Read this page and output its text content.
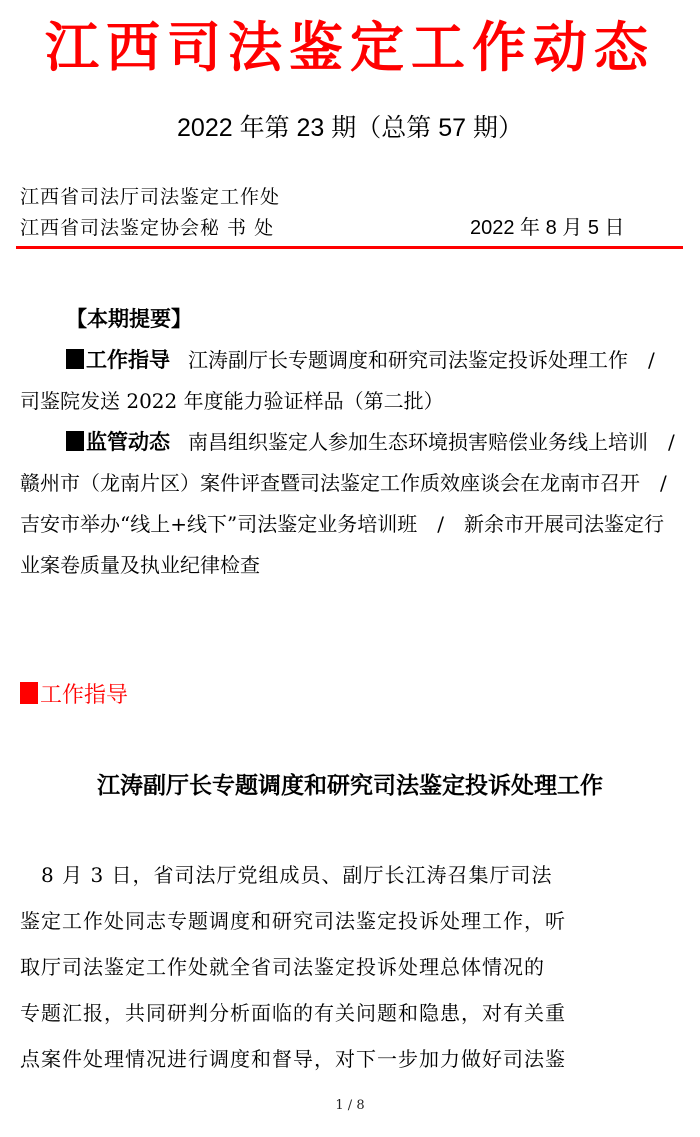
江西司法鉴定工作动态
2022 年第 23 期（总第 57 期）
江西省司法厅司法鉴定工作处
江西省司法鉴定协会秘 书 处	2022 年 8 月 5 日
【本期提要】
工作指导 江涛副厅长专题调度和研究司法鉴定投诉处理工作　/　司鉴院发送 2022 年度能力验证样品（第二批）
监管动态 南昌组织鉴定人参加生态环境损害赔偿业务线上培训　/　赣州市（龙南片区）案件评查暨司法鉴定工作质效座谈会在龙南市召开　/　吉安市举办“线上+线下”司法鉴定业务培训班　/　新余市开展司法鉴定行业案卷质量及执业纪律检查
工作指导
江涛副厅长专题调度和研究司法鉴定投诉处理工作
　8 月 3 日，省司法厅党组成员、副厅长江涛召集厅司法
鉴定工作处同志专题调度和研究司法鉴定投诉处理工作，听
取厅司法鉴定工作处就全省司法鉴定投诉处理总体情况的
专题汇报，共同研判分析面临的有关问题和隐患，对有关重
点案件处理情况进行调度和督导，对下一步加力做好司法鉴
1 / 8
